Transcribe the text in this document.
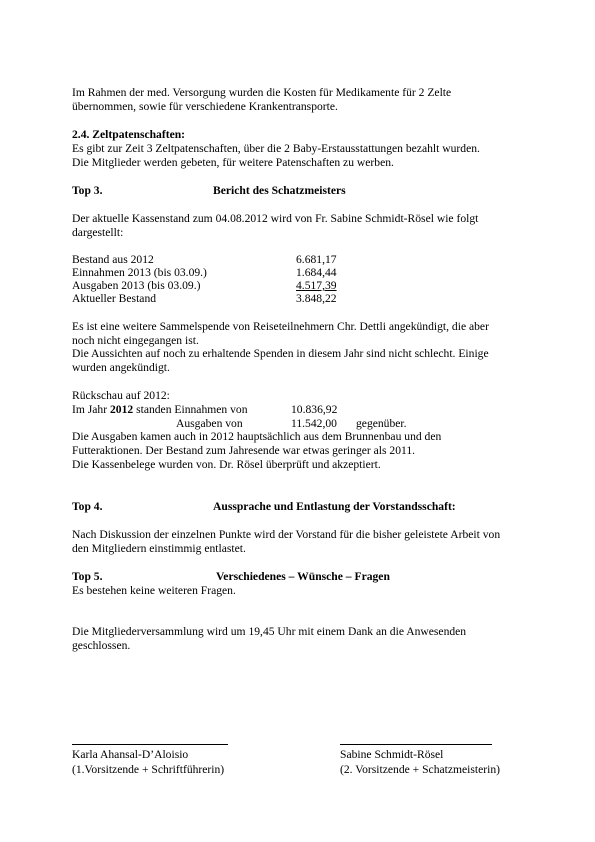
Im Rahmen der med. Versorgung wurden die Kosten für Medikamente für 2 Zelte
übernommen, sowie für verschiedene Krankentransporte.
2.4. Zeltpatenschaften:
Es gibt zur Zeit 3 Zeltpatenschaften, über die 2 Baby-Erstausstattungen bezahlt wurden.
Die Mitglieder werden gebeten, für weitere Patenschaften zu werben.
Top 3.	Bericht des Schatzmeisters
Der aktuelle Kassenstand zum 04.08.2012 wird von Fr. Sabine Schmidt-Rösel wie folgt
dargestellt:
Bestand aus 2012	6.681,17
Einnahmen 2013 (bis 03.09.)	1.684,44
Ausgaben 2013 (bis 03.09.)	4.517,39
Aktueller Bestand	3.848,22
Es ist eine weitere Sammelspende von Reiseteilnehmern Chr. Dettli angekündigt, die aber
noch nicht eingegangen ist.
Die Aussichten auf noch zu erhaltende Spenden in diesem Jahr sind nicht schlecht. Einige
wurden angekündigt.
Rückschau auf 2012:
Im Jahr 2012 standen Einnahmen von	10.836,92
Ausgaben von	11.542,00 gegenüber.
Die Ausgaben kamen auch in 2012 hauptsächlich aus dem Brunnenbau und den
Futteraktionen. Der Bestand zum Jahresende war etwas geringer als 2011.
Die Kassenbelege wurden von. Dr. Rösel überprüft und akzeptiert.
Top 4.	Aussprache und Entlastung der Vorstandsschaft:
Nach Diskussion der einzelnen Punkte wird der Vorstand für die bisher geleistete Arbeit von
den Mitgliedern einstimmig entlastet.
Top 5.	Verschiedenes – Wünsche – Fragen
Es bestehen keine weiteren Fragen.
Die Mitgliederversammlung wird um 19,45 Uhr mit einem Dank an die Anwesenden
geschlossen.
Karla Ahansal-D’Aloisio
(1.Vorsitzende + Schriftführerin)
Sabine Schmidt-Rösel
(2. Vorsitzende + Schatzmeisterin)
